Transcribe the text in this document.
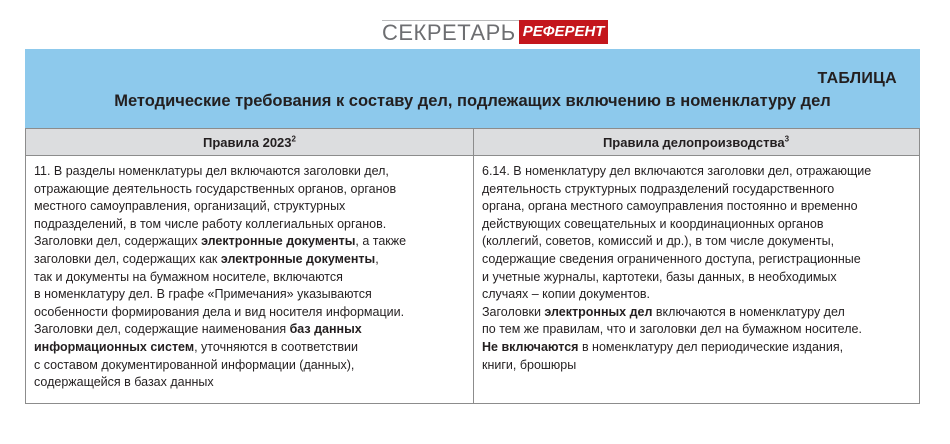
СЕКРЕТАРЬ РЕФЕРЕНТ
ТАБЛИЦА
Методические требования к составу дел, подлежащих включению в номенклатуру дел
Правила 2023$^2$	Правила делопроизводства$^3$
11. В разделы номенклатуры дел включаются заголовки дел,
отражающие деятельность государственных органов, органов
местного самоуправления, организаций, структурных
подразделений, в том числе работу коллегиальных органов.
Заголовки дел, содержащих электронные документы, а также
заголовки дел, содержащих как электронные документы,
так и документы на бумажном носителе, включаются
в номенклатуру дел. В графе «Примечания» указываются
особенности формирования дела и вид носителя информации.
Заголовки дел, содержащие наименования баз данных
информационных систем, уточняются в соответствии
с составом документированной информации (данных),
содержащейся в базах данных
6.14. В номенклатуру дел включаются заголовки дел, отражающие
деятельность структурных подразделений государственного
органа, органа местного самоуправления постоянно и временно
действующих совещательных и координационных органов
(коллегий, советов, комиссий и др.), в том числе документы,
содержащие сведения ограниченного доступа, регистрационные
и учетные журналы, картотеки, базы данных, в необходимых
случаях – копии документов.
Заголовки электронных дел включаются в номенклатуру дел
по тем же правилам, что и заголовки дел на бумажном носителе.
Не включаются в номенклатуру дел периодические издания,
книги, брошюры
